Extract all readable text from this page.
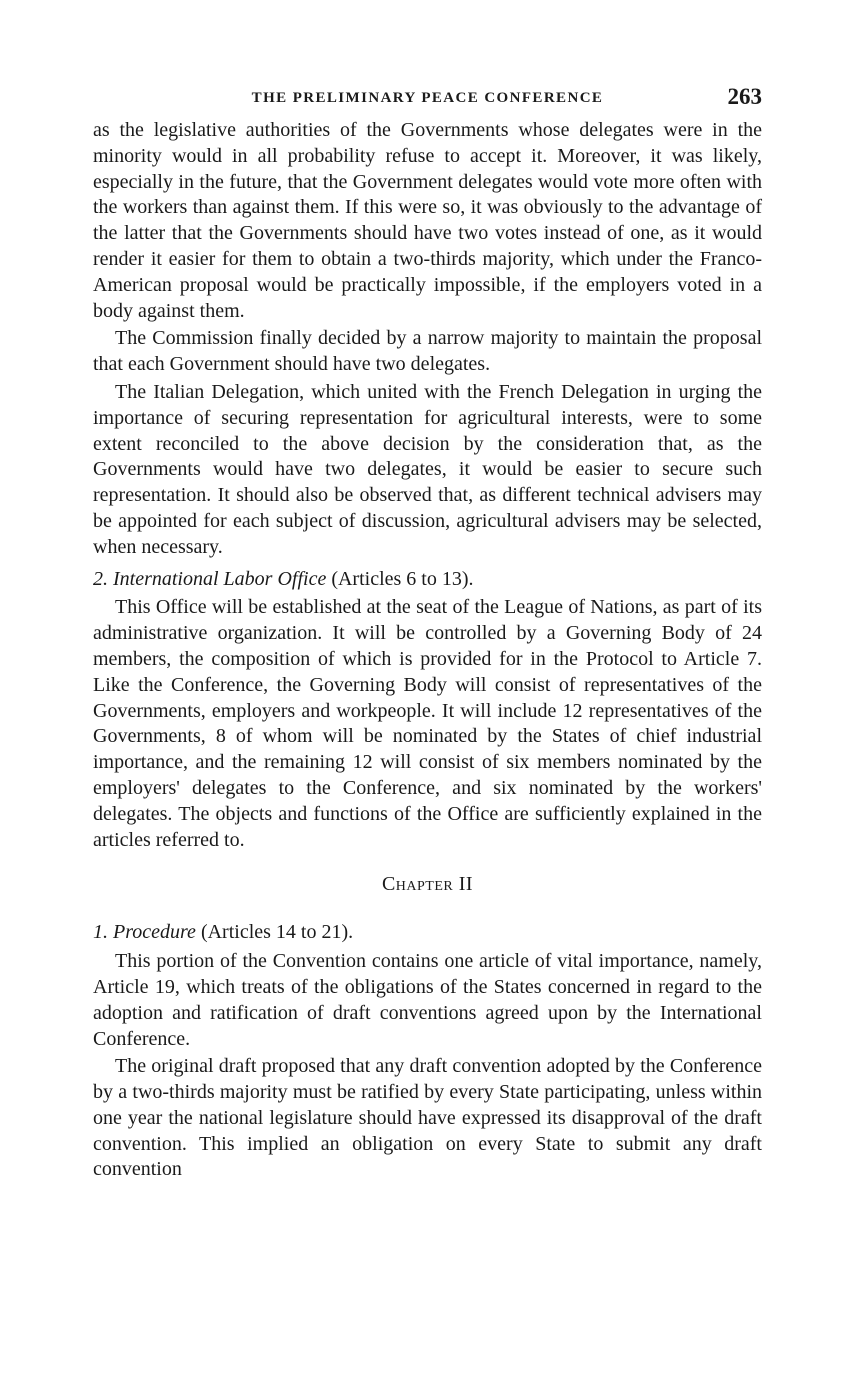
THE PRELIMINARY PEACE CONFERENCE	263

as the legislative authorities of the Governments whose delegates were in the minority would in all probability refuse to accept it. Moreover, it was likely, especially in the future, that the Government delegates would vote more often with the workers than against them. If this were so, it was obviously to the advantage of the latter that the Governments should have two votes instead of one, as it would render it easier for them to obtain a two-thirds majority, which under the Franco-American proposal would be practically impossible, if the employers voted in a body against them.

The Commission finally decided by a narrow majority to maintain the proposal that each Government should have two delegates.

The Italian Delegation, which united with the French Delegation in urging the importance of securing representation for agricultural interests, were to some extent reconciled to the above decision by the consideration that, as the Governments would have two delegates, it would be easier to secure such representation. It should also be observed that, as different technical advisers may be appointed for each subject of discussion, agricultural advisers may be selected, when necessary.

2. International Labor Office (Articles 6 to 13).

This Office will be established at the seat of the League of Nations, as part of its administrative organization. It will be controlled by a Governing Body of 24 members, the composition of which is provided for in the Protocol to Article 7. Like the Conference, the Governing Body will consist of representatives of the Governments, employers and workpeople. It will include 12 representatives of the Governments, 8 of whom will be nominated by the States of chief industrial importance, and the remaining 12 will consist of six members nominated by the employers' delegates to the Conference, and six nominated by the workers' delegates. The objects and functions of the Office are sufficiently explained in the articles referred to.

Chapter II
1. Procedure (Articles 14 to 21).

This portion of the Convention contains one article of vital importance, namely, Article 19, which treats of the obligations of the States concerned in regard to the adoption and ratification of draft conventions agreed upon by the International Conference.

The original draft proposed that any draft convention adopted by the Conference by a two-thirds majority must be ratified by every State participating, unless within one year the national legislature should have expressed its disapproval of the draft convention. This implied an obligation on every State to submit any draft convention
